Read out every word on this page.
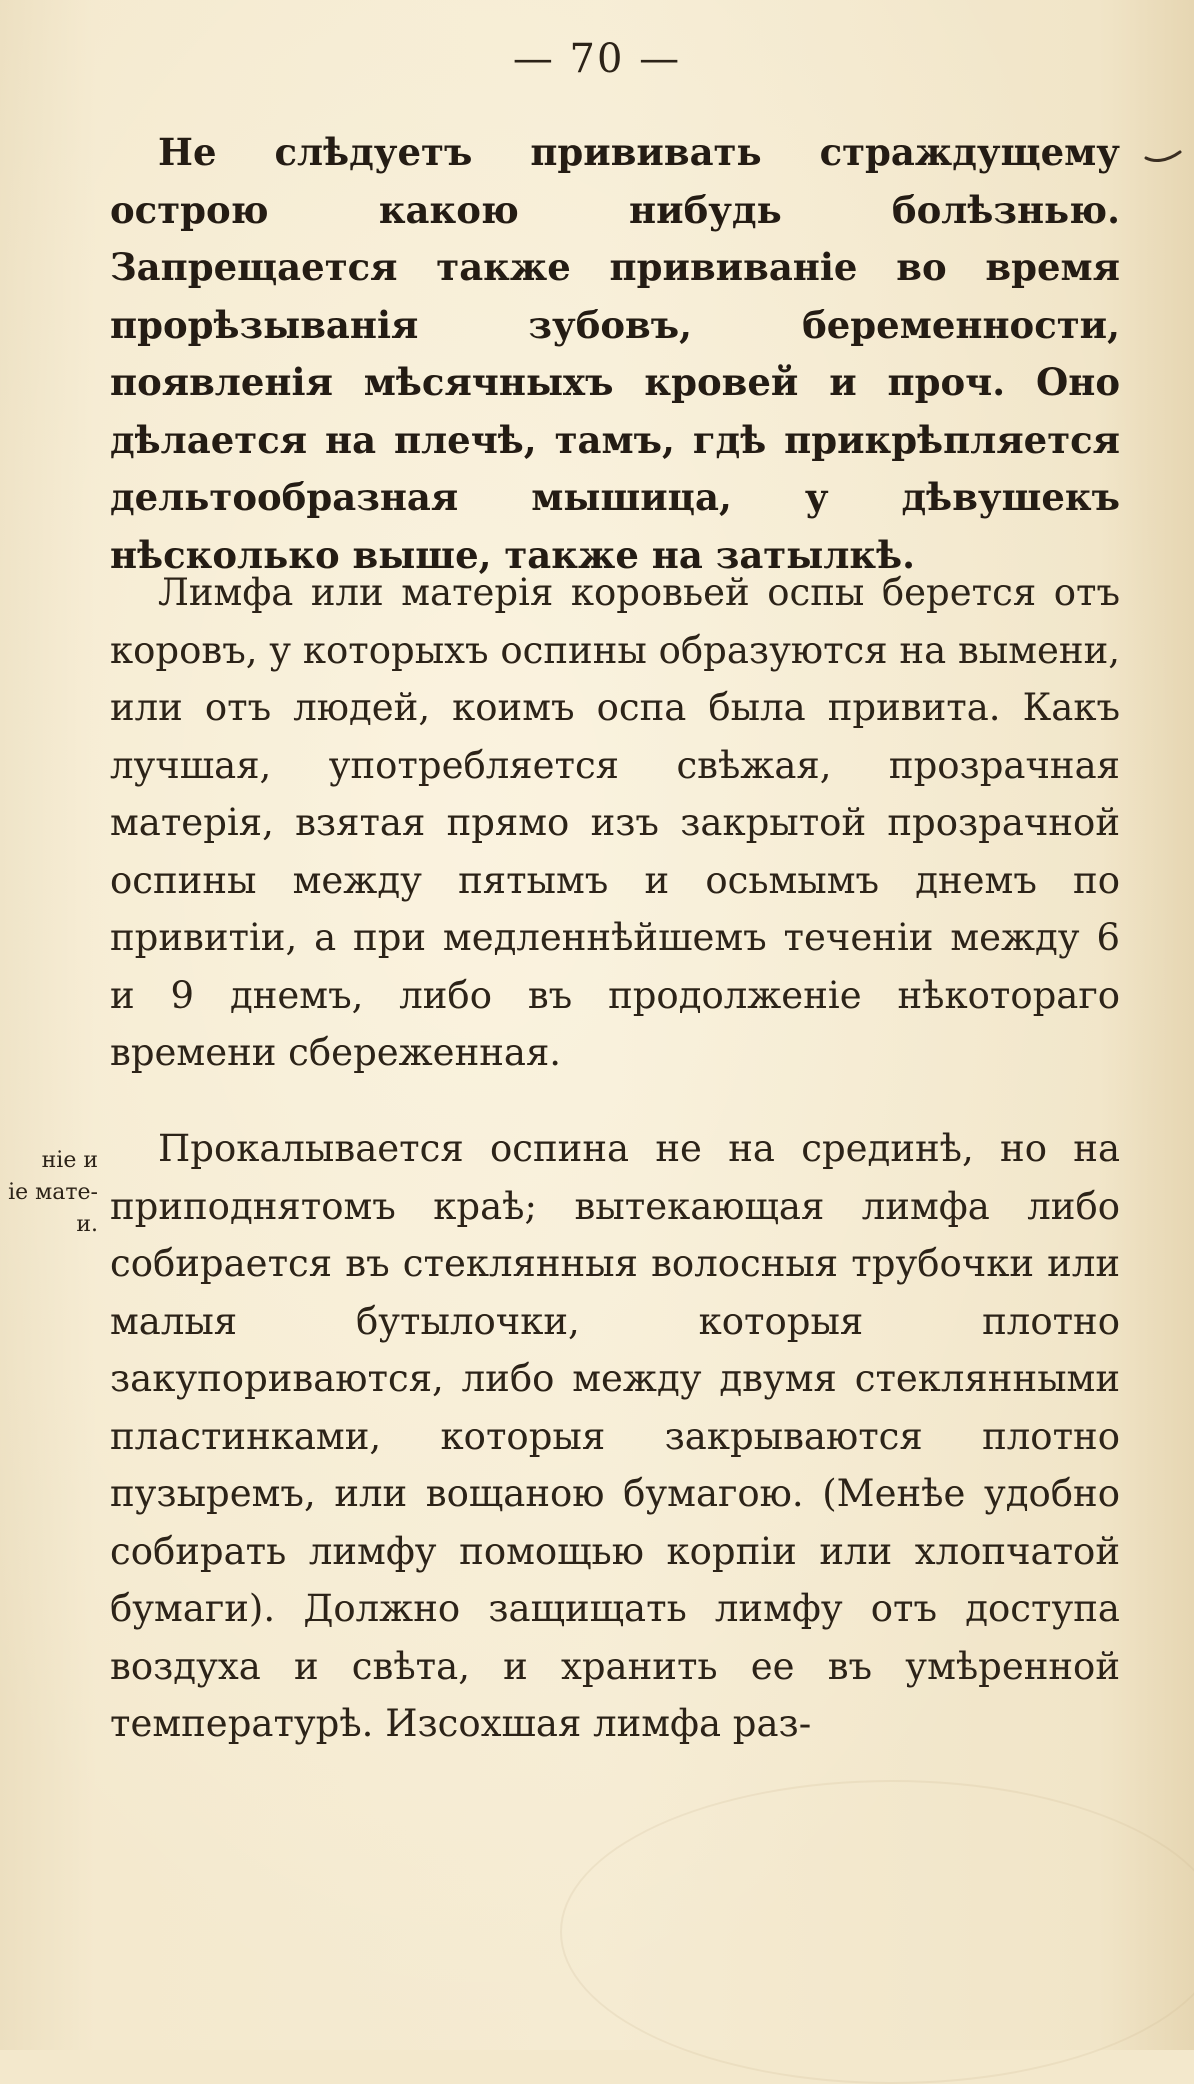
— 70 —

Не слѣдуетъ прививать страждущему острою какою нибудь болѣзнью. Запрещается также прививаніе во время прорѣзыванія зубовъ, беременности, появленія мѣсячныхъ кровей и проч. Оно дѣлается на плечѣ, тамъ, гдѣ прикрѣпляется дельтообразная мышица, у дѣвушекъ нѣсколько выше, также на затылкѣ.

Лимфа или матерія коровьей оспы берется отъ коровъ, у которыхъ оспины образуются на вымени, или отъ людей, коимъ оспа была привита. Какъ лучшая, употребляется свѣжая, прозрачная матерія, взятая прямо изъ закрытой прозрачной оспины между пятымъ и осьмымъ днемъ по привитіи, а при медленнѣйшемъ теченіи между 6 и 9 днемъ, либо въ продолженіе нѣкотораго времени сбереженная.

ніе и
іе мате-
и.

Прокалывается оспина не на срединѣ, но на приподнятомъ краѣ; вытекающая лимфа либо собирается въ стеклянныя волосныя трубочки или малыя бутылочки, которыя плотно закупориваются, либо между двумя стеклянными пластинками, которыя закрываются плотно пузыремъ, или вощаною бумагою. (Менѣе удобно собирать лимфу помощью корпіи или хлопчатой бумаги). Должно защищать лимфу отъ доступа воздуха и свѣта, и хранить ее въ умѣренной температурѣ. Изсохшая лимфа раз-
